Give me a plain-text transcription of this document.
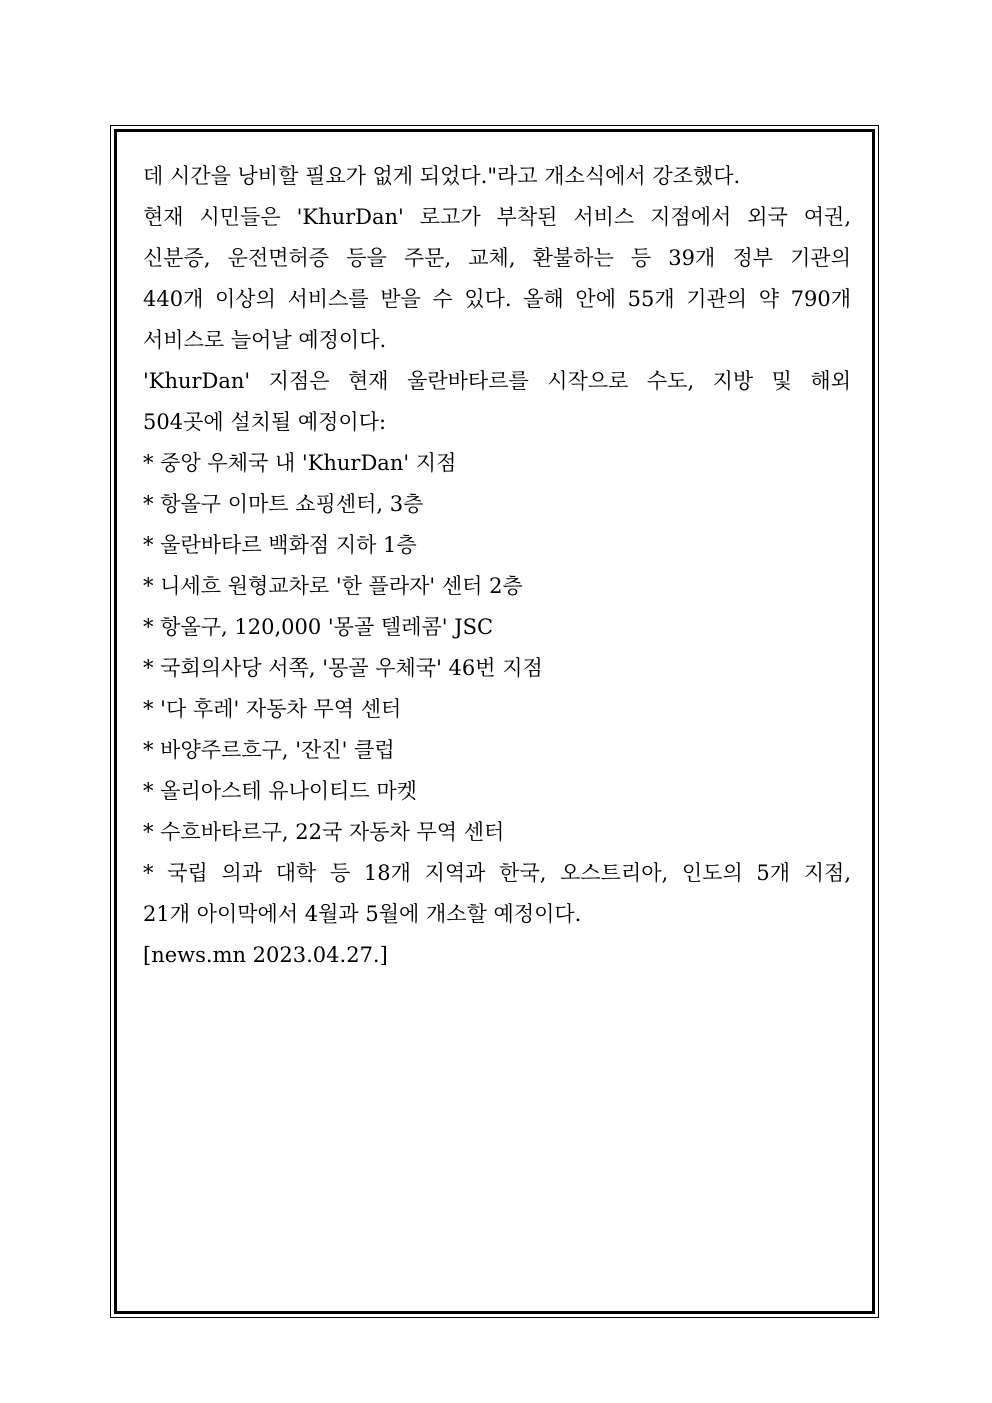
데 시간을 낭비할 필요가 없게 되었다."라고 개소식에서 강조했다.
현재 시민들은 'KhurDan' 로고가 부착된 서비스 지점에서 외국 여권,
신분증, 운전면허증 등을 주문, 교체, 환불하는 등 39개 정부 기관의
440개 이상의 서비스를 받을 수 있다. 올해 안에 55개 기관의 약 790개
서비스로 늘어날 예정이다.
'KhurDan' 지점은 현재 울란바타르를 시작으로 수도, 지방 및 해외
504곳에 설치될 예정이다:
* 중앙 우체국 내 'KhurDan' 지점
* 항올구 이마트 쇼핑센터, 3층
* 울란바타르 백화점 지하 1층
* 니세흐 원형교차로 '한 플라자' 센터 2층
* 항올구, 120,000 '몽골 텔레콤' JSC
* 국회의사당 서쪽, '몽골 우체국' 46번 지점
* '다 후레' 자동차 무역 센터
* 바양주르흐구, '잔진' 클럽
* 올리아스테 유나이티드 마켓
* 수흐바타르구, 22국 자동차 무역 센터
* 국립 의과 대학 등 18개 지역과 한국, 오스트리아, 인도의 5개 지점,
21개 아이막에서 4월과 5월에 개소할 예정이다.
[news.mn 2023.04.27.]
